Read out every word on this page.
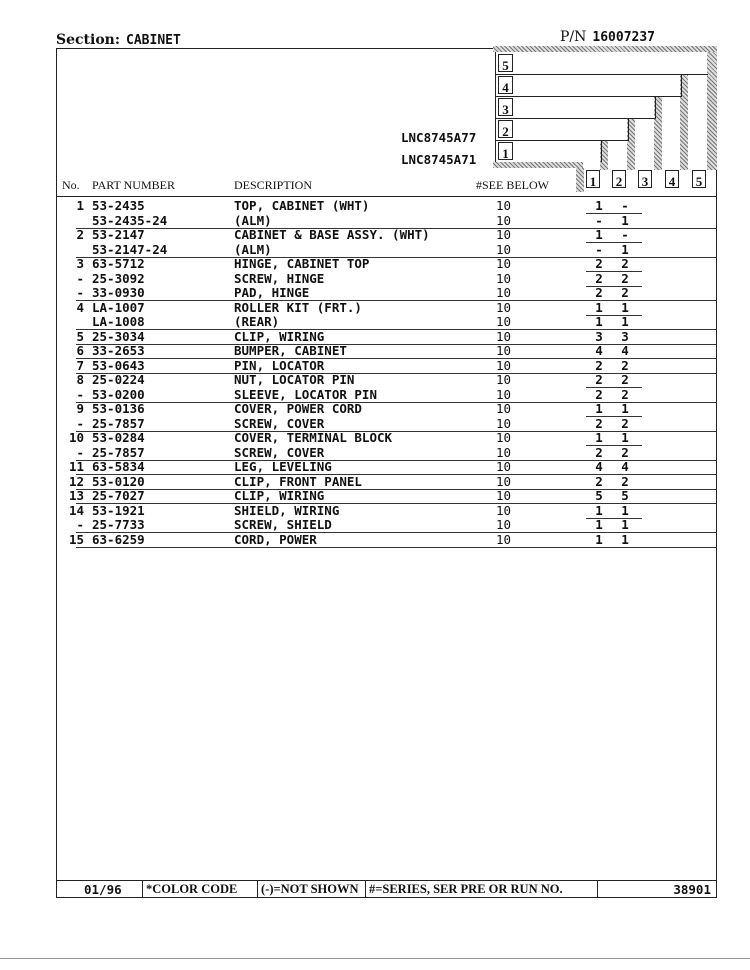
Section: CABINET	P/N 16007237
LNC8745A77
LNC8745A71
5
4
3
2
1
1 2 3 4 5
No. PART NUMBER	DESCRIPTION	#SEE BELOW
1 53-2435	TOP, CABINET (WHT)	10	1 -
53-2435-24	(ALM)	10	- 1
2 53-2147	CABINET & BASE ASSY. (WHT)	10	1 -
53-2147-24	(ALM)	10	- 1
3 63-5712	HINGE, CABINET TOP	10	2 2
- 25-3092	SCREW, HINGE	10	2 2
- 33-0930	PAD, HINGE	10	2 2
4 LA-1007	ROLLER KIT (FRT.)	10	1 1
LA-1008	(REAR)	10	1 1
5 25-3034	CLIP, WIRING	10	3 3
6 33-2653	BUMPER, CABINET	10	4 4
7 53-0643	PIN, LOCATOR	10	2 2
8 25-0224	NUT, LOCATOR PIN	10	2 2
- 53-0200	SLEEVE, LOCATOR PIN	10	2 2
9 53-0136	COVER, POWER CORD	10	1 1
- 25-7857	SCREW, COVER	10	2 2
10 53-0284	COVER, TERMINAL BLOCK	10	1 1
- 25-7857	SCREW, COVER	10	2 2
11 63-5834	LEG, LEVELING	10	4 4
12 53-0120	CLIP, FRONT PANEL	10	2 2
13 25-7027	CLIP, WIRING	10	5 5
14 53-1921	SHIELD, WIRING	10	1 1
- 25-7733	SCREW, SHIELD	10	1 1
15 63-6259	CORD, POWER	10	1 1
01/96	*COLOR CODE	(-)=NOT SHOWN #=SERIES, SER PRE OR RUN NO.	38901
